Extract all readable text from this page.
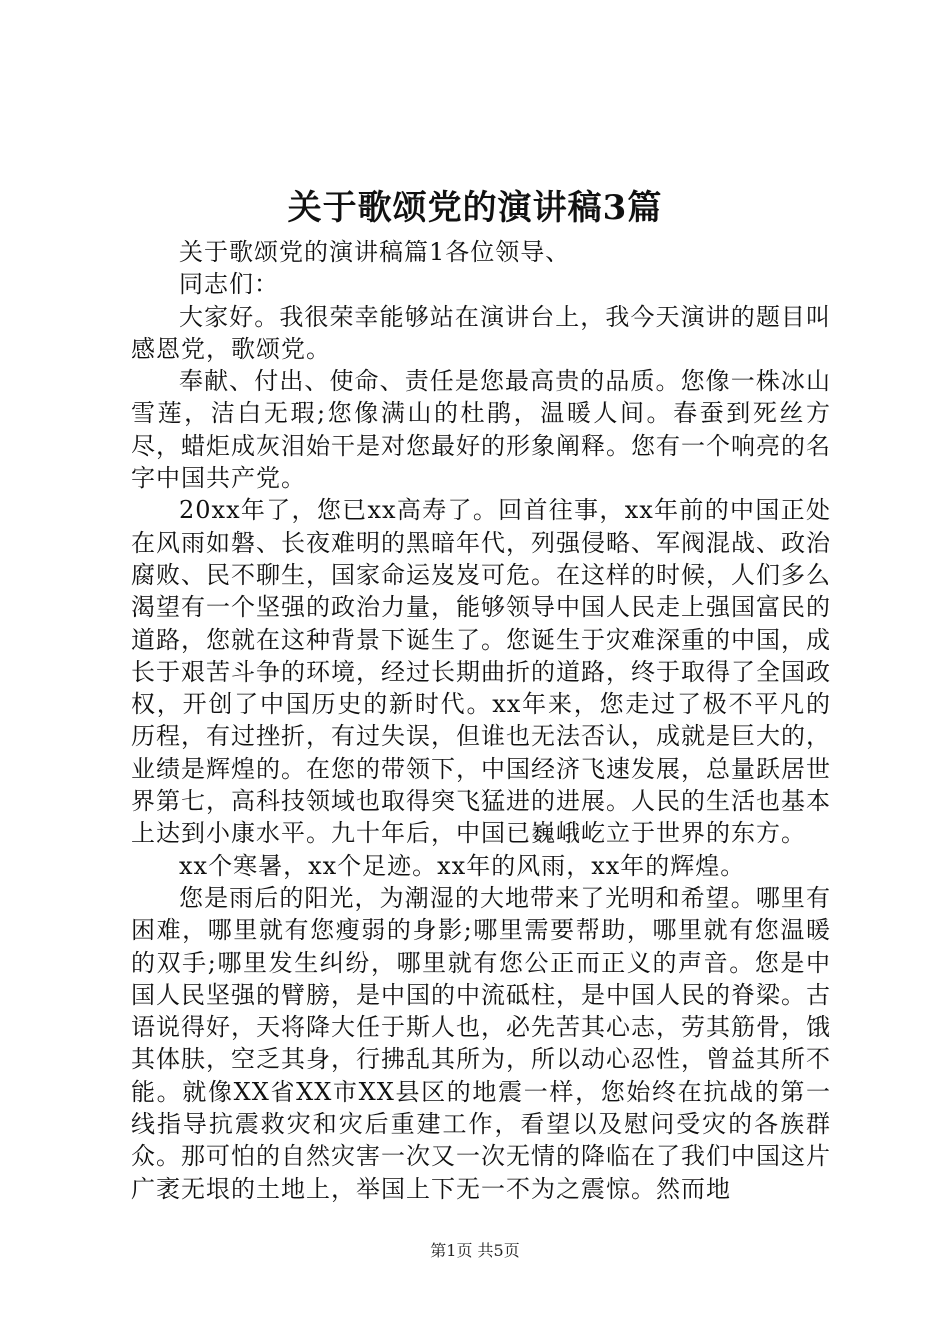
关于歌颂党的演讲稿3篇

关于歌颂党的演讲稿篇1各位领导、

同志们：

大家好。我很荣幸能够站在演讲台上，我今天演讲的题目叫感恩党，歌颂党。

奉献、付出、使命、责任是您最高贵的品质。您像一株冰山雪莲，洁白无瑕;您像满山的杜鹃，温暖人间。春蚕到死丝方尽，蜡炬成灰泪始干是对您最好的形象阐释。您有一个响亮的名字中国共产党。

20xx年了，您已xx高寿了。回首往事，xx年前的中国正处在风雨如磐、长夜难明的黑暗年代，列强侵略、军阀混战、政治腐败、民不聊生，国家命运岌岌可危。在这样的时候，人们多么渴望有一个坚强的政治力量，能够领导中国人民走上强国富民的道路，您就在这种背景下诞生了。您诞生于灾难深重的中国，成长于艰苦斗争的环境，经过长期曲折的道路，终于取得了全国政权，开创了中国历史的新时代。xx年来，您走过了极不平凡的历程，有过挫折，有过失误，但谁也无法否认，成就是巨大的，业绩是辉煌的。在您的带领下，中国经济飞速发展，总量跃居世界第七，高科技领域也取得突飞猛进的进展。人民的生活也基本上达到小康水平。九十年后，中国已巍峨屹立于世界的东方。

xx个寒暑，xx个足迹。xx年的风雨，xx年的辉煌。

您是雨后的阳光，为潮湿的大地带来了光明和希望。哪里有困难，哪里就有您瘦弱的身影;哪里需要帮助，哪里就有您温暖的双手;哪里发生纠纷，哪里就有您公正而正义的声音。您是中国人民坚强的臂膀，是中国的中流砥柱，是中国人民的脊梁。古语说得好，天将降大任于斯人也，必先苦其心志，劳其筋骨，饿其体肤，空乏其身，行拂乱其所为，所以动心忍性，曾益其所不能。就像XX省XX市XX县区的地震一样，您始终在抗战的第一线指导抗震救灾和灾后重建工作，看望以及慰问受灾的各族群众。那可怕的自然灾害一次又一次无情的降临在了我们中国这片广袤无垠的土地上，举国上下无一不为之震惊。然而地

第1页 共5页
